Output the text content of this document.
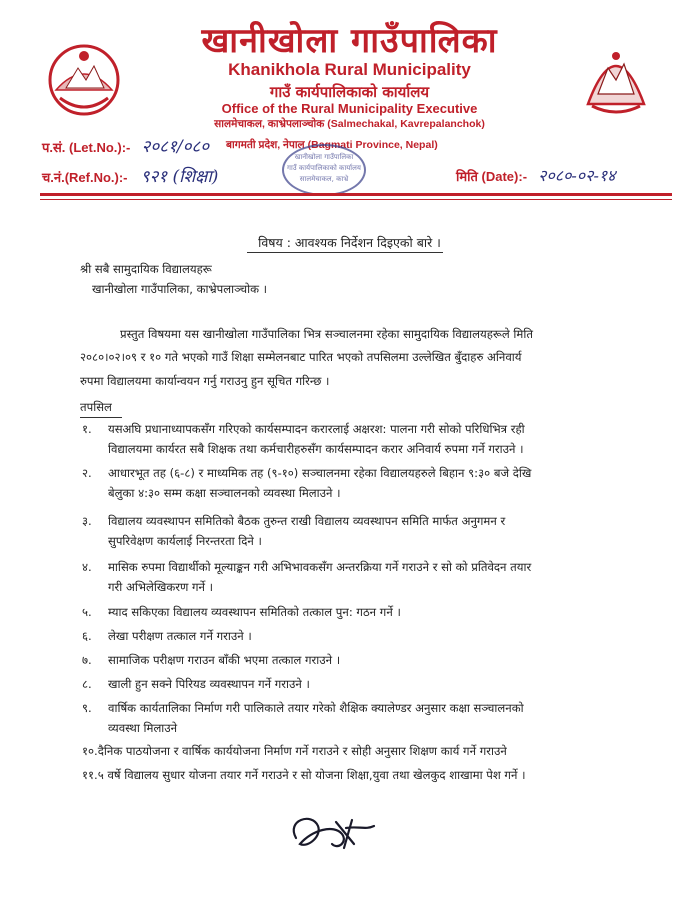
खानीखोला गाउँपालिका
Khanikhola Rural Municipality
गाउँ कार्यपालिकाको कार्यालय
Office of the Rural Municipality Executive
सालमेचाकल, काभ्रेपलाञ्चोक (Salmechakal, Kavrepalanchok)
प.सं. (Let.No.):- २०८१/०८० बागमती प्रदेश, नेपाल (Bagmati Province, Nepal)
च.नं.(Ref.No.):- ९२१ (शिक्षा)	मिति (Date):- २०८०-०२-१४
खानीखोला गाउँपालिका
गाउँ कार्यपालिकाको कार्यालय
सालमेचाकल, काभ्रे
विषय : आवश्यक निर्देशन दिइएको बारे ।
श्री सबै सामुदायिक विद्यालयहरू
खानीखोला गाउँपालिका, काभ्रेपलाञ्चोक ।
प्रस्तुत विषयमा यस खानीखोला गाउँपालिका भित्र सञ्चालनमा रहेका सामुदायिक विद्यालयहरूले मिति
२०८०।०२।०९ र १० गते भएको गाउँ शिक्षा सम्मेलनबाट पारित भएको तपसिलमा उल्लेखित बुँदाहरु अनिवार्य
रुपमा विद्यालयमा कार्यान्वयन गर्नु गराउनु हुन सूचित गरिन्छ ।
तपसिल
१. यसअघि प्रधानाध्यापकसँग गरिएको कार्यसम्पादन करारलाई अक्षरश: पालना गरी सोको परिधिभित्र रही
विद्यालयमा कार्यरत सबै शिक्षक तथा कर्मचारीहरुसँग कार्यसम्पादन करार अनिवार्य रुपमा गर्ने गराउने ।
२. आधारभूत तह (६-८) र माध्यमिक तह (९-१०) सञ्चालनमा रहेका विद्यालयहरुले बिहान ९:३० बजे देखि
बेलुका ४:३० सम्म कक्षा सञ्चालनको व्यवस्था मिलाउने ।
३. विद्यालय व्यवस्थापन समितिको बैठक तुरुन्त राखी विद्यालय व्यवस्थापन समिति मार्फत अनुगमन र
सुपरिवेक्षण कार्यलाई निरन्तरता दिने ।
४. मासिक रुपमा विद्यार्थीको मूल्याङ्कन गरी अभिभावकसँग अन्तरक्रिया गर्ने गराउने र सो को प्रतिवेदन तयार
गरी अभिलेखिकरण गर्ने ।
५. म्याद सकिएका विद्यालय व्यवस्थापन समितिको तत्काल पुन: गठन गर्ने ।
६. लेखा परीक्षण तत्काल गर्ने गराउने ।
७. सामाजिक परीक्षण गराउन बाँकी भएमा तत्काल गराउने ।
८. खाली हुन सक्ने पिरियड व्यवस्थापन गर्ने गराउने ।
९. वार्षिक कार्यतालिका निर्माण गरी पालिकाले तयार गरेको शैक्षिक क्यालेण्डर अनुसार कक्षा सञ्चालनको
व्यवस्था मिलाउने
१०.दैनिक पाठयोजना र वार्षिक कार्ययोजना निर्माण गर्ने गराउने र सोही अनुसार शिक्षण कार्य गर्ने गराउने
११.५ वर्षे विद्यालय सुधार योजना तयार गर्ने गराउने र सो योजना शिक्षा,युवा तथा खेलकुद शाखामा पेश गर्ने ।
